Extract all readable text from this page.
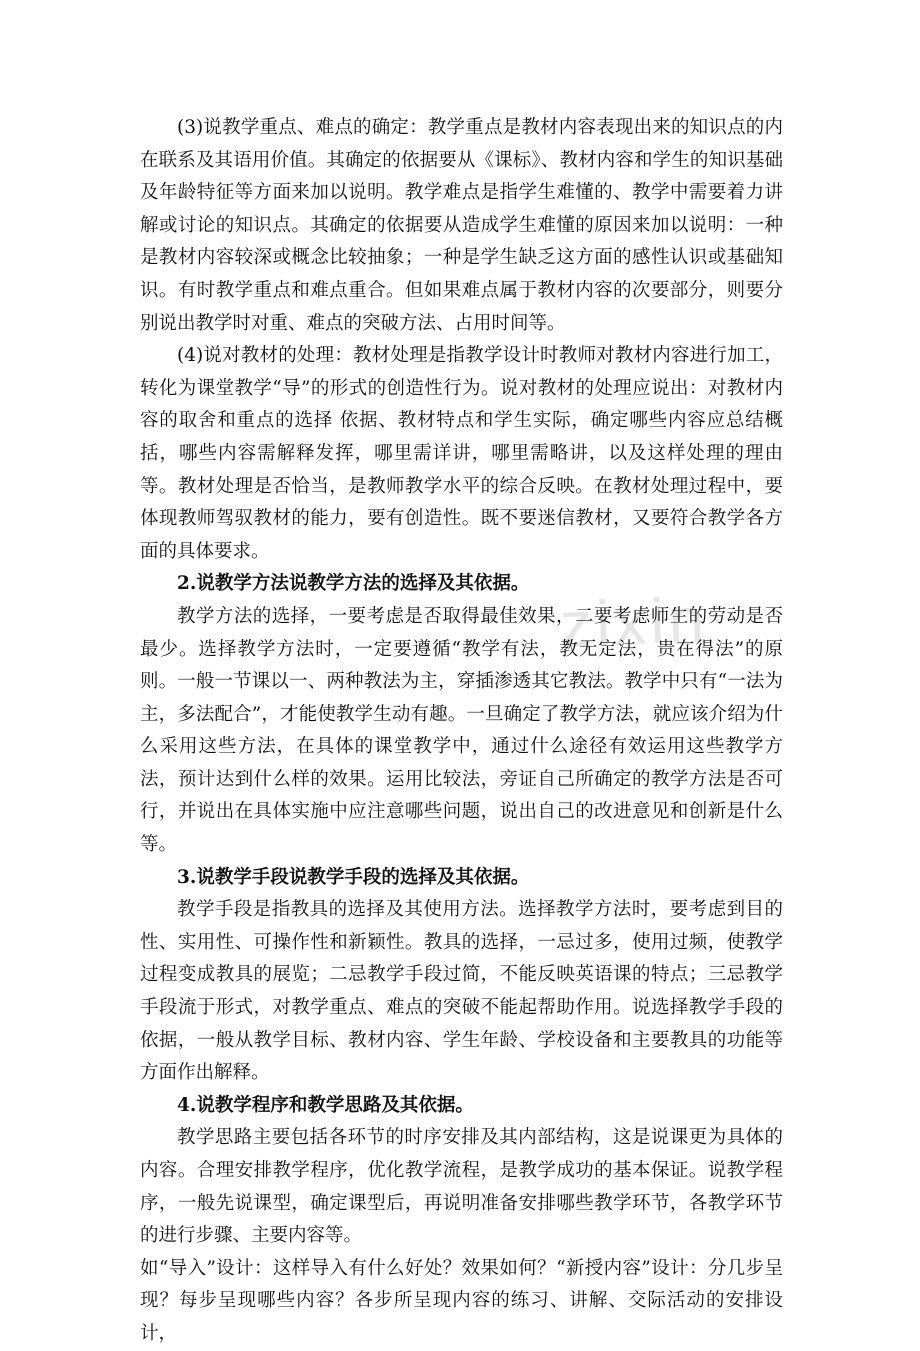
zixin

(3)说教学重点、难点的确定：教学重点是教材内容表现出来的知识点的内在联系及其语用价值。其确定的依据要从《课标》、教材内容和学生的知识基础及年龄特征等方面来加以说明。教学难点是指学生难懂的、教学中需要着力讲解或讨论的知识点。其确定的依据要从造成学生难懂的原因来加以说明：一种是教材内容较深或概念比较抽象；一种是学生缺乏这方面的感性认识或基础知识。有时教学重点和难点重合。但如果难点属于教材内容的次要部分，则要分别说出教学时对重、难点的突破方法、占用时间等。

(4)说对教材的处理：教材处理是指教学设计时教师对教材内容进行加工，转化为课堂教学“导”的形式的创造性行为。说对教材的处理应说出：对教材内容的取舍和重点的选择 依据、教材特点和学生实际，确定哪些内容应总结概括，哪些内容需解释发挥，哪里需详讲，哪里需略讲，以及这样处理的理由等。教材处理是否恰当，是教师教学水平的综合反映。在教材处理过程中，要体现教师驾驭教材的能力，要有创造性。既不要迷信教材，又要符合教学各方面的具体要求。

2.说教学方法说教学方法的选择及其依据。

教学方法的选择，一要考虑是否取得最佳效果，二要考虑师生的劳动是否最少。选择教学方法时，一定要遵循“教学有法，教无定法，贵在得法”的原则。一般一节课以一、两种教法为主，穿插渗透其它教法。教学中只有“一法为主，多法配合”，才能使教学生动有趣。一旦确定了教学方法，就应该介绍为什么采用这些方法，在具体的课堂教学中，通过什么途径有效运用这些教学方法，预计达到什么样的效果。运用比较法，旁证自己所确定的教学方法是否可行，并说出在具体实施中应注意哪些问题，说出自己的改进意见和创新是什么等。

3.说教学手段说教学手段的选择及其依据。

教学手段是指教具的选择及其使用方法。选择教学方法时，要考虑到目的性、实用性、可操作性和新颖性。教具的选择，一忌过多，使用过频，使教学过程变成教具的展览；二忌教学手段过简，不能反映英语课的特点；三忌教学手段流于形式，对教学重点、难点的突破不能起帮助作用。说选择教学手段的依据，一般从教学目标、教材内容、学生年龄、学校设备和主要教具的功能等方面作出解释。

4.说教学程序和教学思路及其依据。

教学思路主要包括各环节的时序安排及其内部结构，这是说课更为具体的内容。合理安排教学程序，优化教学流程，是教学成功的基本保证。说教学程序，一般先说课型，确定课型后，再说明准备安排哪些教学环节，各教学环节的进行步骤、主要内容等。

如“导入”设计：这样导入有什么好处？效果如何？“新授内容”设计：分几步呈现？每步呈现哪些内容？各步所呈现内容的练习、讲解、交际活动的安排设计，
